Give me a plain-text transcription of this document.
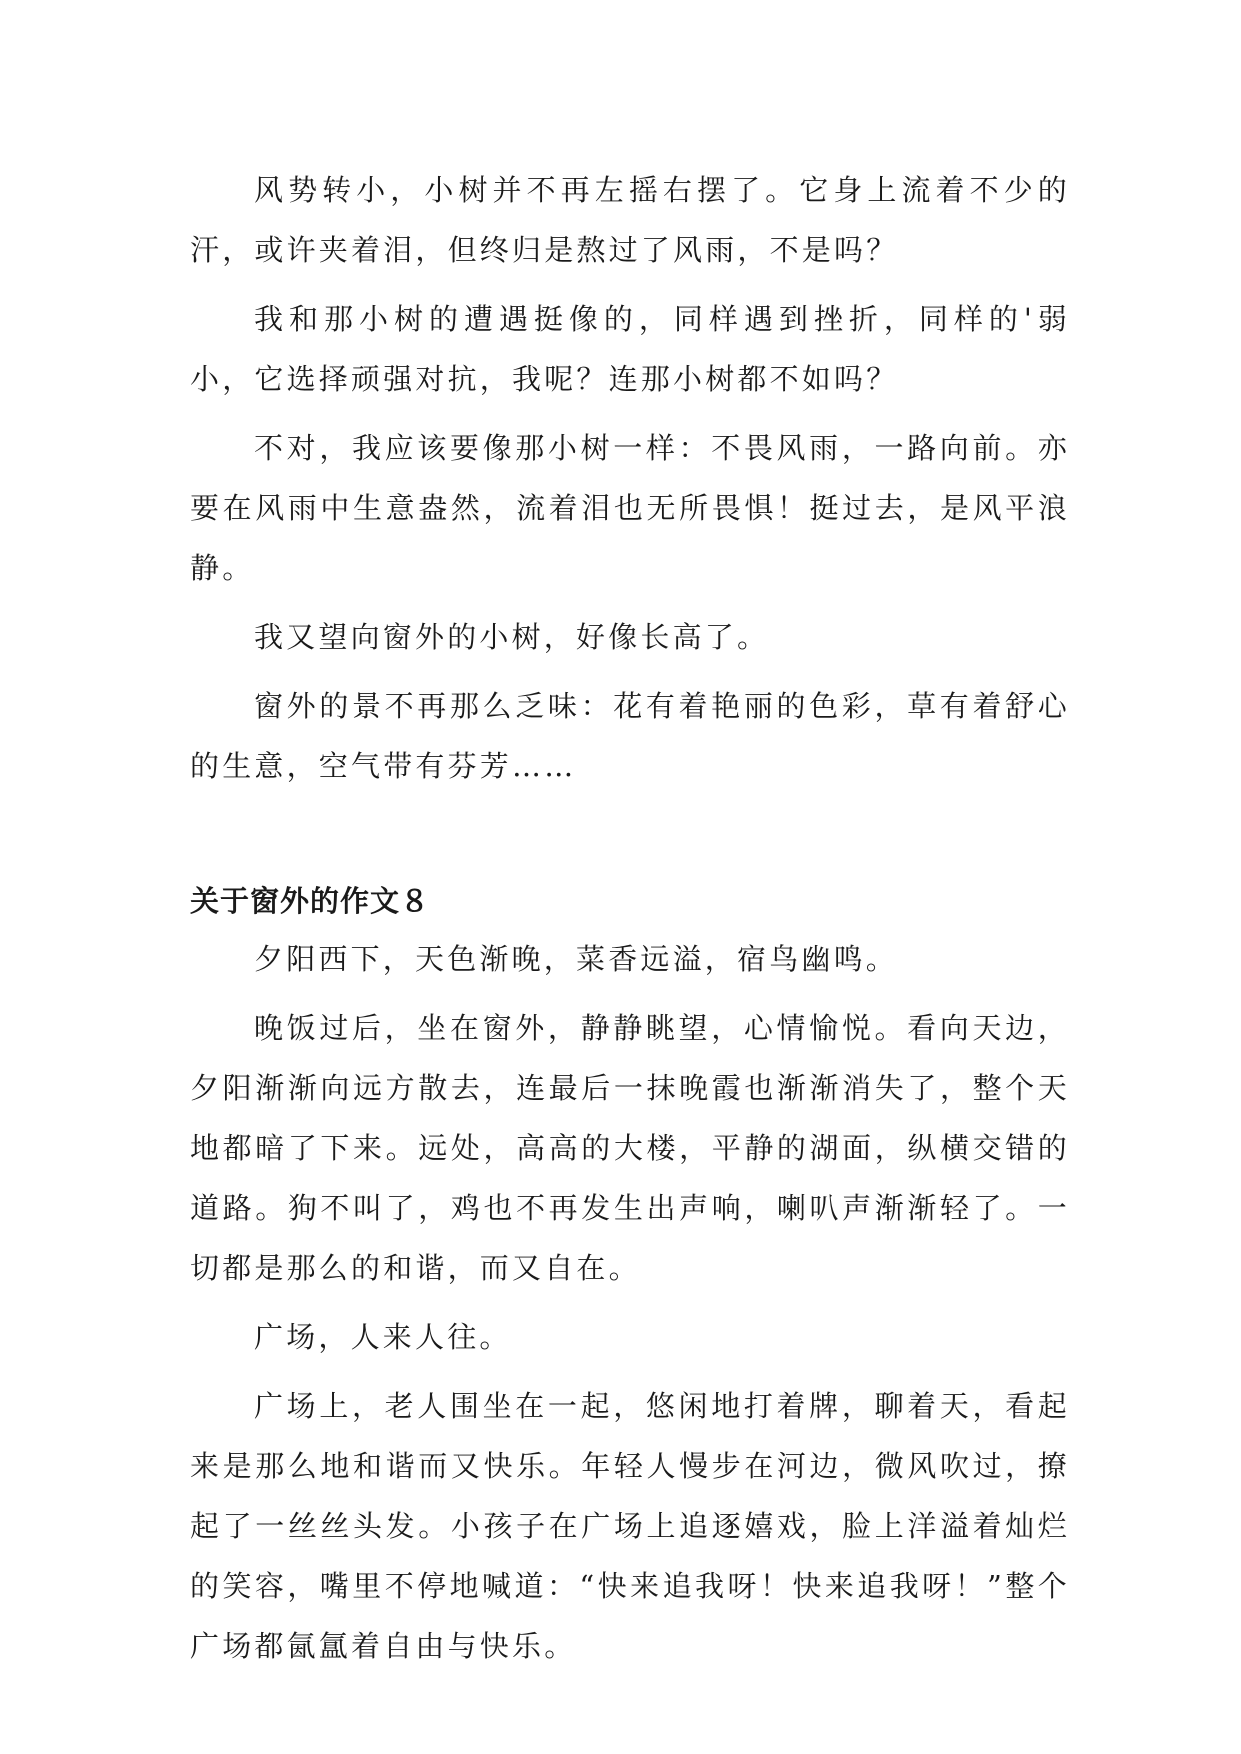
风势转小，小树并不再左摇右摆了。它身上流着不少的汗，或许夹着泪，但终归是熬过了风雨，不是吗？

我和那小树的遭遇挺像的，同样遇到挫折，同样的'弱小，它选择顽强对抗，我呢？连那小树都不如吗？

不对，我应该要像那小树一样：不畏风雨，一路向前。亦要在风雨中生意盎然，流着泪也无所畏惧！挺过去，是风平浪静。

我又望向窗外的小树，好像长高了。

窗外的景不再那么乏味：花有着艳丽的色彩，草有着舒心的生意，空气带有芬芳……

关于窗外的作文８

夕阳西下，天色渐晚，菜香远溢，宿鸟幽鸣。

晚饭过后，坐在窗外，静静眺望，心情愉悦。看向天边，夕阳渐渐向远方散去，连最后一抹晚霞也渐渐消失了，整个天地都暗了下来。远处，高高的大楼，平静的湖面，纵横交错的道路。狗不叫了，鸡也不再发生出声响，喇叭声渐渐轻了。一切都是那么的和谐，而又自在。

广场，人来人往。

广场上，老人围坐在一起，悠闲地打着牌，聊着天，看起来是那么地和谐而又快乐。年轻人慢步在河边，微风吹过，撩起了一丝丝头发。小孩子在广场上追逐嬉戏，脸上洋溢着灿烂的笑容，嘴里不停地喊道：“快来追我呀！快来追我呀！”整个广场都氤氲着自由与快乐。
